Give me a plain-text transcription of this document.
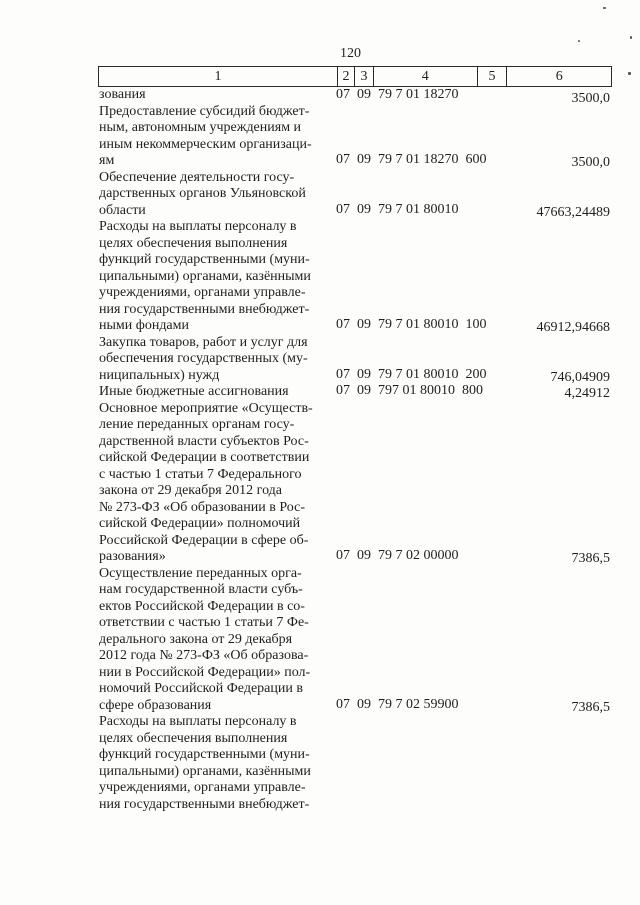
120
1	2 3	4	5	6
зования	07  09  79 7 01 18270	3500,0
Предоставление субсидий бюджет-
ным, автономным учреждениям и
иным некоммерческим организаци-
ям	07  09  79 7 01 18270  600	3500,0
Обеспечение деятельности госу-
дарственных органов Ульяновской
области	07  09  79 7 01 80010	47663,24489
Расходы на выплаты персоналу в
целях обеспечения выполнения
функций государственными (муни-
ципальными) органами, казёнными
учреждениями, органами управле-
ния государственными внебюджет-
ными фондами	07  09  79 7 01 80010  100	46912,94668
Закупка товаров, работ и услуг для
обеспечения государственных (му-
ниципальных) нужд	07  09  79 7 01 80010  200	746,04909
Иные бюджетные ассигнования	07  09  797 01 80010  800	4,24912
Основное мероприятие «Осуществ-
ление переданных органам госу-
дарственной власти субъектов Рос-
сийской Федерации в соответствии
с частью 1 статьи 7 Федерального
закона от 29 декабря 2012 года
№ 273-ФЗ «Об образовании в Рос-
сийской Федерации» полномочий
Российской Федерации в сфере об-
разования»	07  09  79 7 02 00000	7386,5
Осуществление переданных орга-
нам государственной власти субъ-
ектов Российской Федерации в со-
ответствии с частью 1 статьи 7 Фе-
дерального закона от 29 декабря
2012 года № 273-ФЗ «Об образова-
нии в Российской Федерации» пол-
номочий Российской Федерации в
сфере образования	07  09  79 7 02 59900	7386,5
Расходы на выплаты персоналу в
целях обеспечения выполнения
функций государственными (муни-
ципальными) органами, казёнными
учреждениями, органами управле-
ния государственными внебюджет-
